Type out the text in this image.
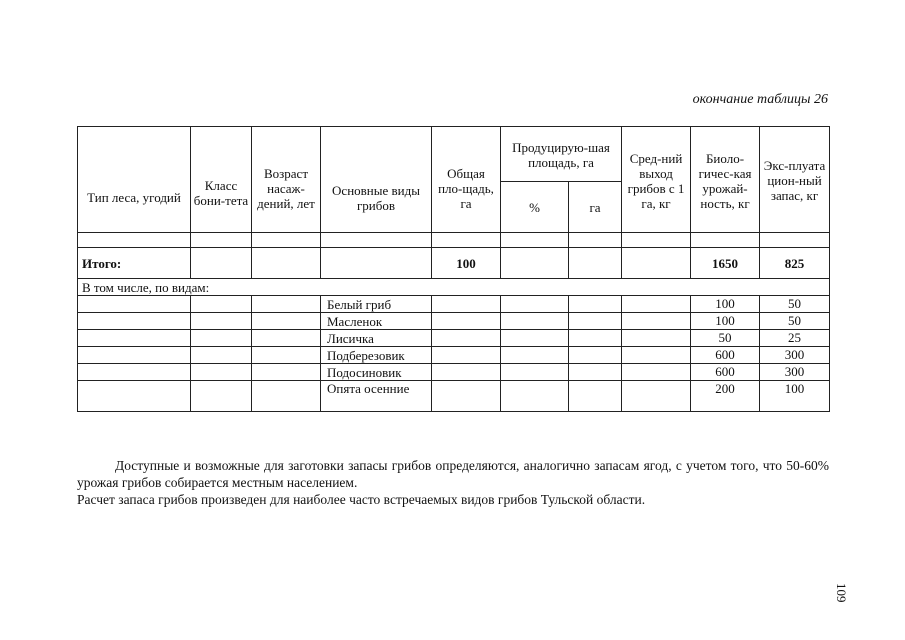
окончание таблицы 26
Тип леса, угодий	Класс бони-тета	Возраст насаж-дений, лет	Основные виды грибов	Общая пло-щадь, га	Продуцирую-шая площадь, га		Сред-ний выход грибов с 1 га, кг	Биоло-гичес-кая урожай-ность, кг	Экс-плуата цион-ный запас, кг
					%	га			

Итого:				100				1650	825
В том числе, по видам:									
			Белый гриб					100	50
			Масленок					100	50
			Лисичка					50	25
			Подберезовик					600	300
			Подосиновик					600	300
			Опята осенние					200	100

Доступные и возможные для заготовки запасы грибов определяются, аналогично запасам ягод, с учетом того, что 50-60% урожая грибов собирается местным населением.

Расчет запаса грибов произведен для наиболее часто встречаемых видов грибов Тульской области.

109
